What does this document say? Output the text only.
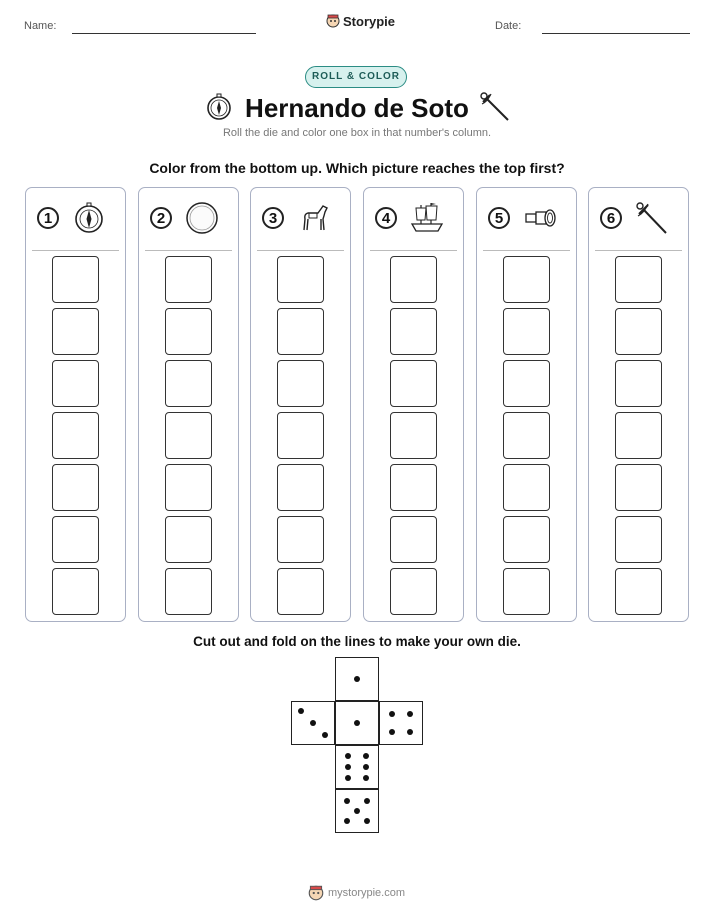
Name:	Storypie	Date:
ROLL & COLOR
Hernando de Soto
Roll the die and color one box in that number's column.
Color from the bottom up. Which picture reaches the top first?
1	2	3	4	5	6
Cut out and fold on the lines to make your own die.
mystorypie.com
